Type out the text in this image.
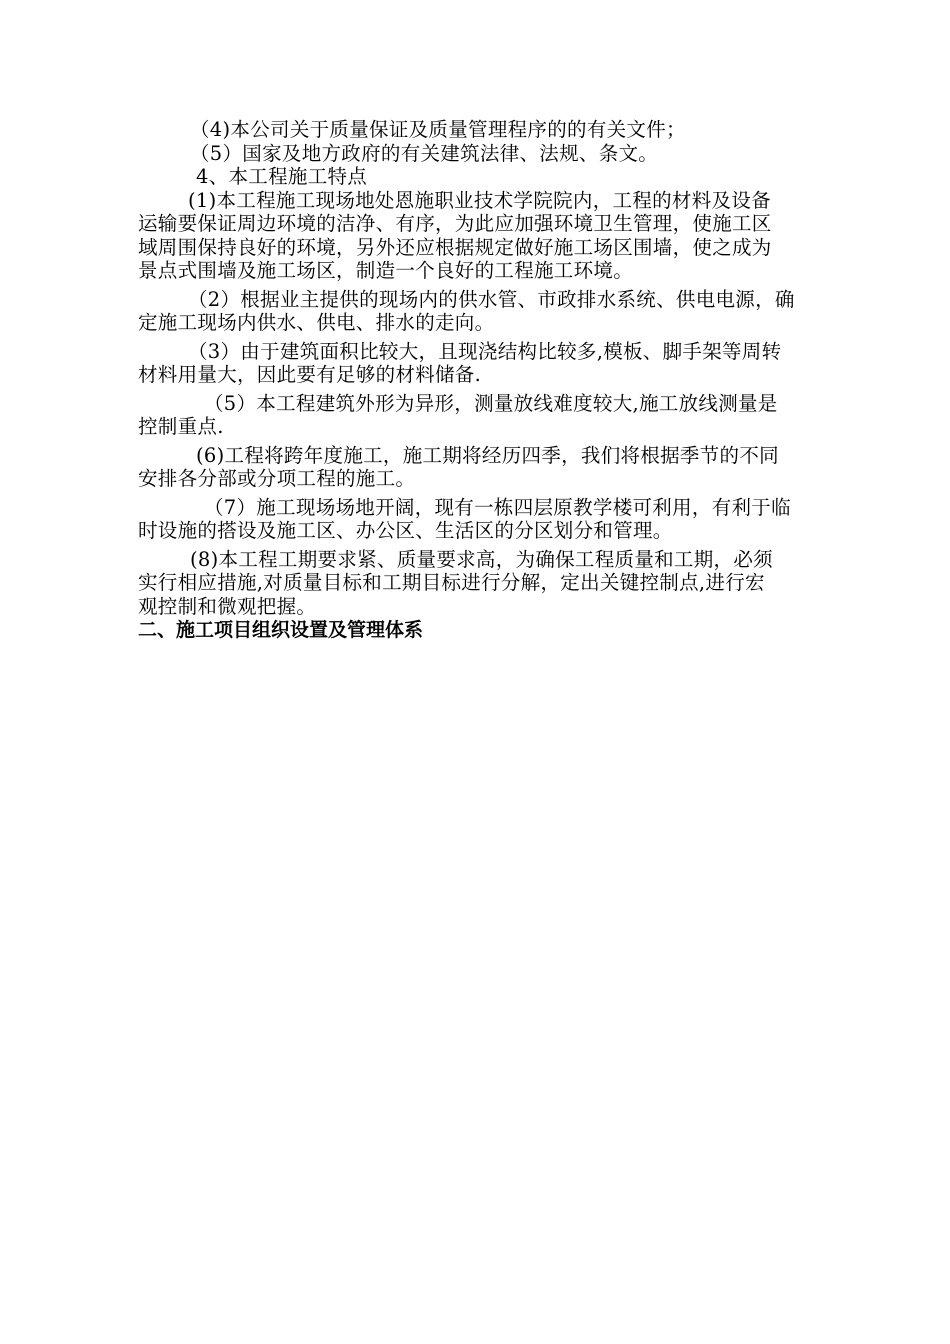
（4)本公司关于质量保证及质量管理程序的的有关文件；
（5）国家及地方政府的有关建筑法律、法规、条文。
4、本工程施工特点
(1)本工程施工现场地处恩施职业技术学院院内，工程的材料及设备
运输要保证周边环境的洁净、有序，为此应加强环境卫生管理，使施工区
域周围保持良好的环境，另外还应根据规定做好施工场区围墙，使之成为
景点式围墙及施工场区，制造一个良好的工程施工环境。
（2）根据业主提供的现场内的供水管、市政排水系统、供电电源，确
定施工现场内供水、供电、排水的走向。
（3）由于建筑面积比较大，且现浇结构比较多,模板、脚手架等周转
材料用量大，因此要有足够的材料储备.
（5）本工程建筑外形为异形，测量放线难度较大,施工放线测量是
控制重点.
(6)工程将跨年度施工，施工期将经历四季，我们将根据季节的不同
安排各分部或分项工程的施工。
（7）施工现场场地开阔，现有一栋四层原教学楼可利用，有利于临
时设施的搭设及施工区、办公区、生活区的分区划分和管理。
(8)本工程工期要求紧、质量要求高，为确保工程质量和工期，必须
实行相应措施,对质量目标和工期目标进行分解，定出关键控制点,进行宏
观控制和微观把握。
二、施工项目组织设置及管理体系
